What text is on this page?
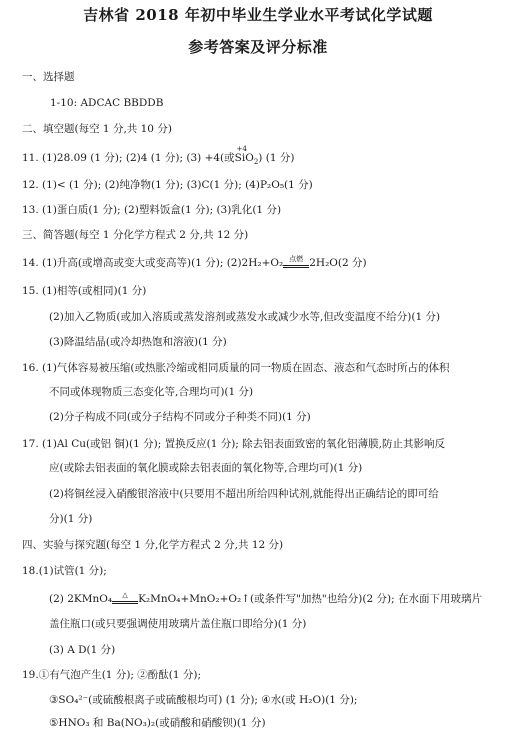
吉林省 2018 年初中毕业生学业水平考试化学试题
参考答案及评分标准
一、选择题
1-10: ADCAC BBDDB
二、填空题(每空 1 分,共 10 分)
11. (1)28.09 (1 分); (2)4 (1 分); (3) +4(或
+4
SiO$_2$) (1 分)
12. (1)< (1 分); (2)纯净物(1 分); (3)C(1 分); (4)P₂O₅(1 分)
13. (1)蛋白质(1 分); (2)塑料饭盒(1 分); (3)乳化(1 分)
三、简答题(每空 1 分化学方程式 2 分,共 12 分)
14. (1)升高(或增高或变大或变高等)(1 分); (2)2H₂+O₂ 点燃 2H₂O(2 分)
15. (1)相等(或相同)(1 分)
(2)加入乙物质(或加入溶质或蒸发溶剂或蒸发水或减少水等,但改变温度不给分)(1 分)
(3)降温结晶(或冷却热饱和溶液)(1 分)
16. (1)气体容易被压缩(或热胀冷缩或相同质量的同一物质在固态、液态和气态时所占的体积
不同或体现物质三态变化等,合理均可)(1 分)
(2)分子构成不同(或分子结构不同或分子种类不同)(1 分)
17. (1)Al Cu(或铝 铜)(1 分); 置换反应(1 分); 除去铝表面致密的氧化铝薄膜,防止其影响反
应(或除去铝表面的氧化膜或除去铝表面的氧化物等,合理均可)(1 分)
(2)将铜丝浸入硝酸银溶液中(只要用不超出所给四种试剂,就能得出正确结论的即可给
分)(1 分)
四、实验与探究题(每空 1 分,化学方程式 2 分,共 12 分)
18.(1)试管(1 分);
(2) 2KMnO₄	△ K₂MnO₄+MnO₂+O₂↑(或条件写"加热"也给分)(2 分); 在水面下用玻璃片
盖住瓶口(或只要强调使用玻璃片盖住瓶口即给分)(1 分)
(3) A D(1 分)
19.①有气泡产生(1 分); ②酚酞(1 分);
③SO₄²⁻(或硫酸根离子或硫酸根均可) (1 分); ④水(或 H₂O)(1 分);
⑤HNO₃ 和 Ba(NO₃)₂(或硝酸和硝酸钡)(1 分)
